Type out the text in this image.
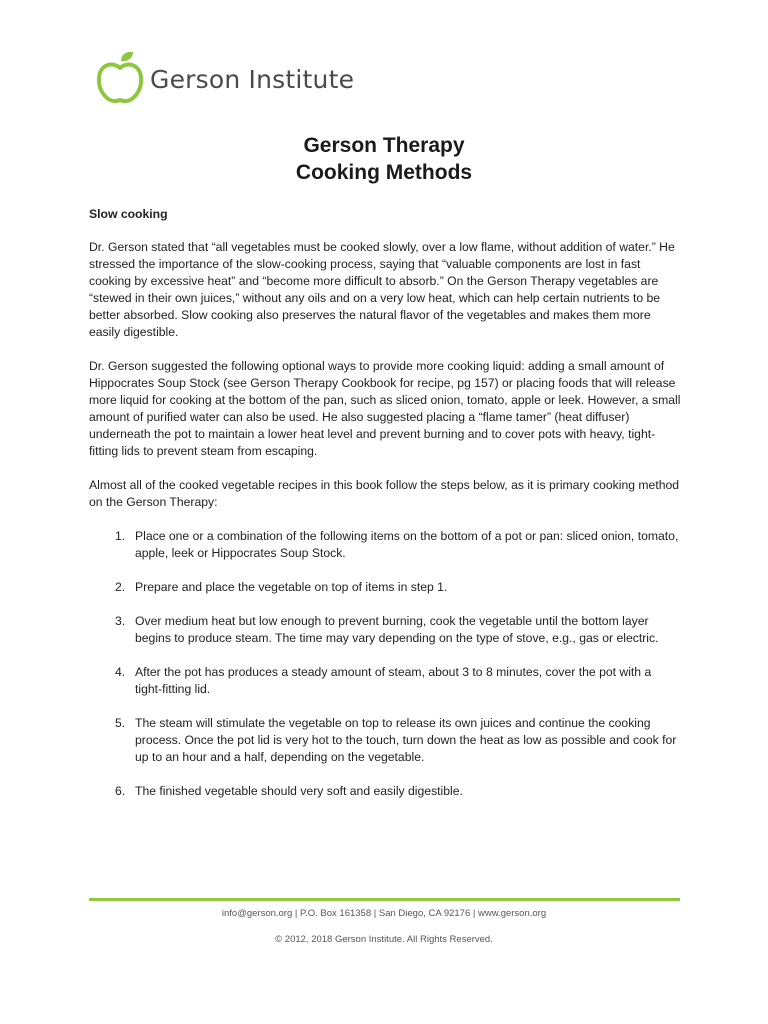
Gerson Institute
Gerson Therapy
Cooking Methods
Slow cooking

Dr. Gerson stated that “all vegetables must be cooked slowly, over a low flame, without addition of water.” He stressed the importance of the slow-cooking process, saying that “valuable components are lost in fast cooking by excessive heat” and “become more difficult to absorb.” On the Gerson Therapy vegetables are “stewed in their own juices,” without any oils and on a very low heat, which can help certain nutrients to be better absorbed. Slow cooking also preserves the natural flavor of the vegetables and makes them more easily digestible.

Dr. Gerson suggested the following optional ways to provide more cooking liquid: adding a small amount of Hippocrates Soup Stock (see Gerson Therapy Cookbook for recipe, pg 157) or placing foods that will release more liquid for cooking at the bottom of the pan, such as sliced onion, tomato, apple or leek. However, a small amount of purified water can also be used. He also suggested placing a “flame tamer” (heat diffuser) underneath the pot to maintain a lower heat level and prevent burning and to cover pots with heavy, tight- fitting lids to prevent steam from escaping.

Almost all of the cooked vegetable recipes in this book follow the steps below, as it is primary cooking method on the Gerson Therapy:

1. Place one or a combination of the following items on the bottom of a pot or pan: sliced onion, tomato, apple, leek or Hippocrates Soup Stock.
2. Prepare and place the vegetable on top of items in step 1.
3. Over medium heat but low enough to prevent burning, cook the vegetable until the bottom layer begins to produce steam. The time may vary depending on the type of stove, e.g., gas or electric.
4. After the pot has produces a steady amount of steam, about 3 to 8 minutes, cover the pot with a tight-fitting lid.
5. The steam will stimulate the vegetable on top to release its own juices and continue the cooking process. Once the pot lid is very hot to the touch, turn down the heat as low as possible and cook for up to an hour and a half, depending on the vegetable.
6. The finished vegetable should very soft and easily digestible.
info@gerson.org | P.O. Box 161358 | San Diego, CA 92176 | www.gerson.org
© 2012, 2018 Gerson Institute. All Rights Reserved.
